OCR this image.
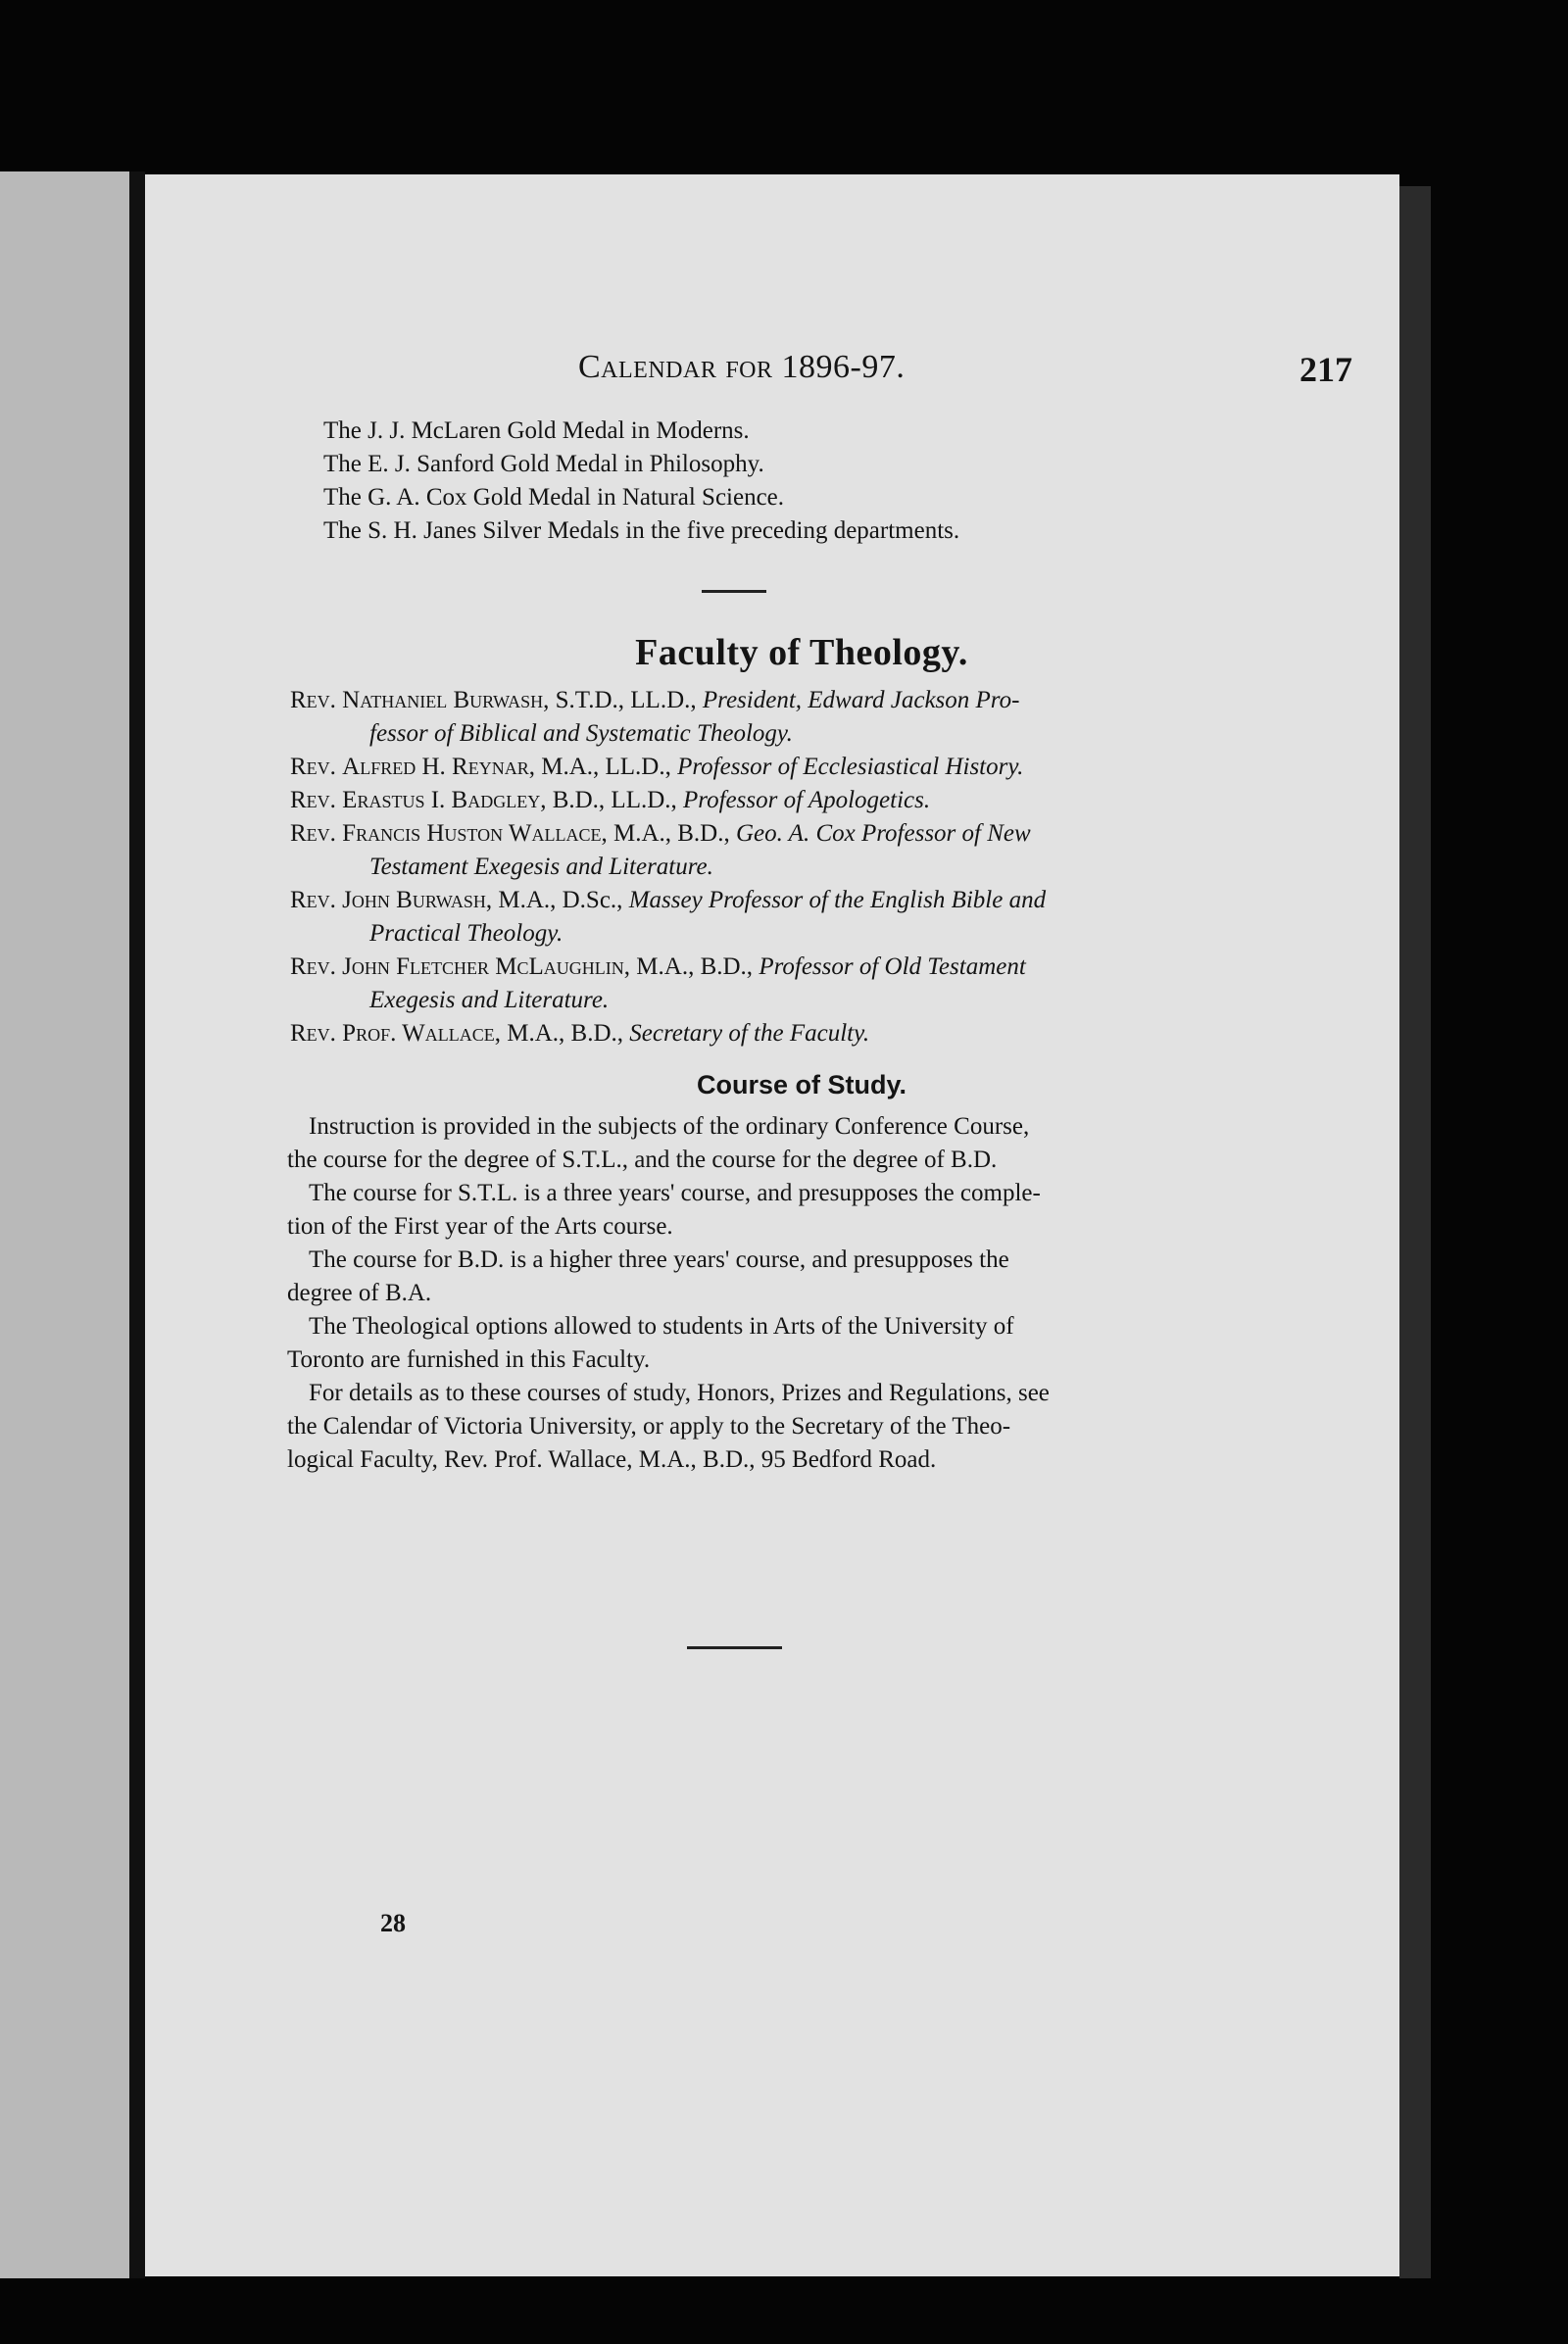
Calendar for 1896-97.	217
The J. J. McLaren Gold Medal in Moderns.
The E. J. Sanford Gold Medal in Philosophy.
The G. A. Cox Gold Medal in Natural Science.
The S. H. Janes Silver Medals in the five preceding departments.
Faculty of Theology.
Rev. Nathaniel Burwash, S.T.D., LL.D., President, Edward Jackson Pro-
fessor of Biblical and Systematic Theology.
Rev. Alfred H. Reynar, M.A., LL.D., Professor of Ecclesiastical History.
Rev. Erastus I. Badgley, B.D., LL.D., Professor of Apologetics.
Rev. Francis Huston Wallace, M.A., B.D., Geo. A. Cox Professor of New
Testament Exegesis and Literature.
Rev. John Burwash, M.A., D.Sc., Massey Professor of the English Bible and
Practical Theology.
Rev. John Fletcher McLaughlin, M.A., B.D., Professor of Old Testament
Exegesis and Literature.
Rev. Prof. Wallace, M.A., B.D., Secretary of the Faculty.
Course of Study.
Instruction is provided in the subjects of the ordinary Conference Course,
the course for the degree of S.T.L., and the course for the degree of B.D.
The course for S.T.L. is a three years' course, and presupposes the comple-
tion of the First year of the Arts course.
The course for B.D. is a higher three years' course, and presupposes the
degree of B.A.
The Theological options allowed to students in Arts of the University of
Toronto are furnished in this Faculty.
For details as to these courses of study, Honors, Prizes and Regulations, see
the Calendar of Victoria University, or apply to the Secretary of the Theo-
logical Faculty, Rev. Prof. Wallace, M.A., B.D., 95 Bedford Road.
28
